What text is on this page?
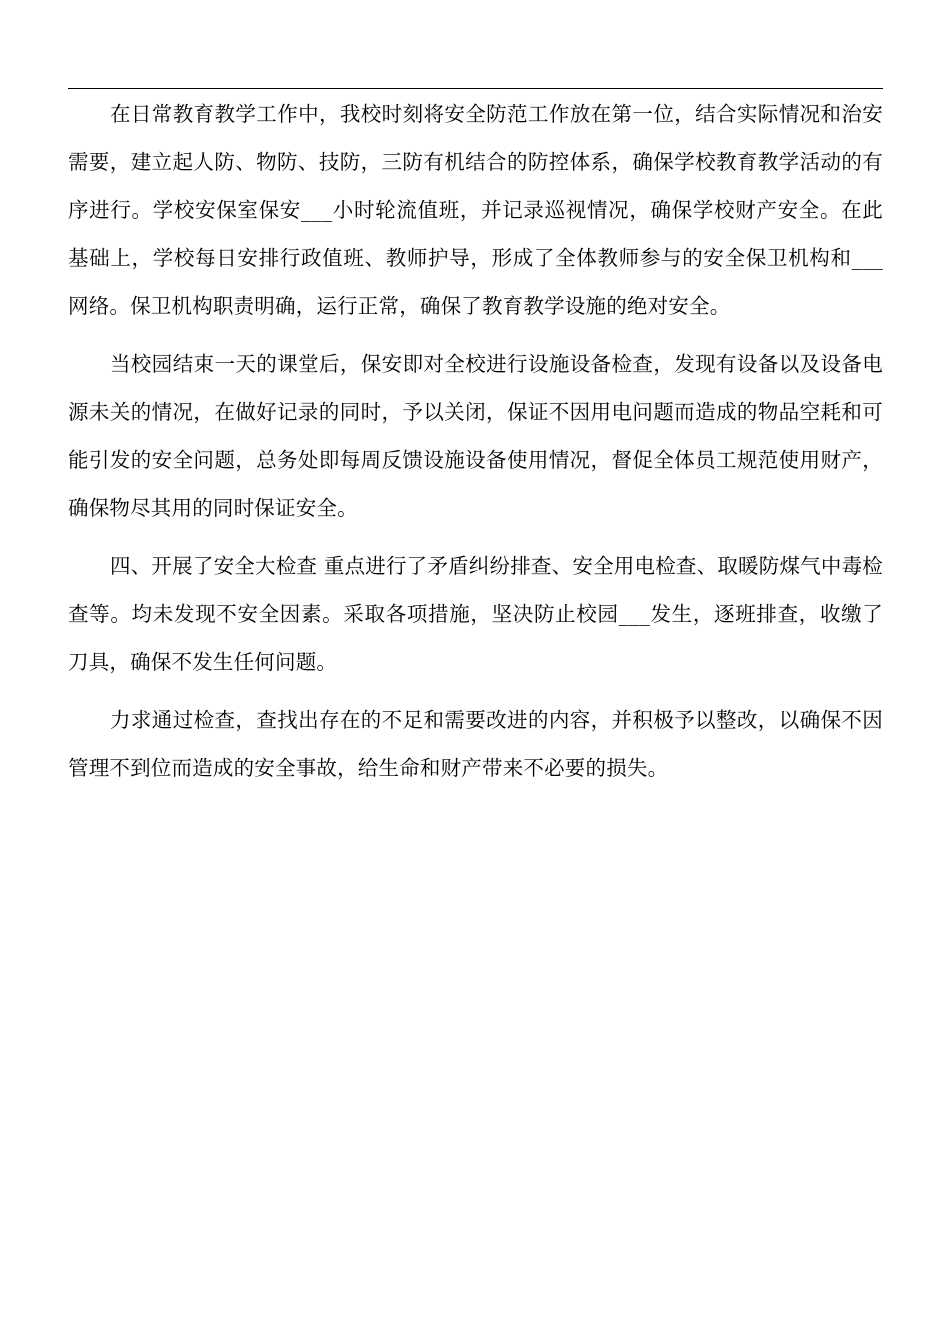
在日常教育教学工作中，我校时刻将安全防范工作放在第一位，结合实际情况和治安需要，建立起人防、物防、技防，三防有机结合的防控体系，确保学校教育教学活动的有序进行。学校安保室保安___小时轮流值班，并记录巡视情况，确保学校财产安全。在此基础上，学校每日安排行政值班、教师护导，形成了全体教师参与的安全保卫机构和___网络。保卫机构职责明确，运行正常，确保了教育教学设施的绝对安全。

当校园结束一天的课堂后，保安即对全校进行设施设备检查，发现有设备以及设备电源未关的情况，在做好记录的同时，予以关闭，保证不因用电问题而造成的物品空耗和可能引发的安全问题，总务处即每周反馈设施设备使用情况，督促全体员工规范使用财产，确保物尽其用的同时保证安全。

四、开展了安全大检查 重点进行了矛盾纠纷排查、安全用电检查、取暖防煤气中毒检查等。均未发现不安全因素。采取各项措施，坚决防止校园___发生，逐班排查，收缴了刀具，确保不发生任何问题。

力求通过检查，查找出存在的不足和需要改进的内容，并积极予以整改，以确保不因管理不到位而造成的安全事故，给生命和财产带来不必要的损失。
